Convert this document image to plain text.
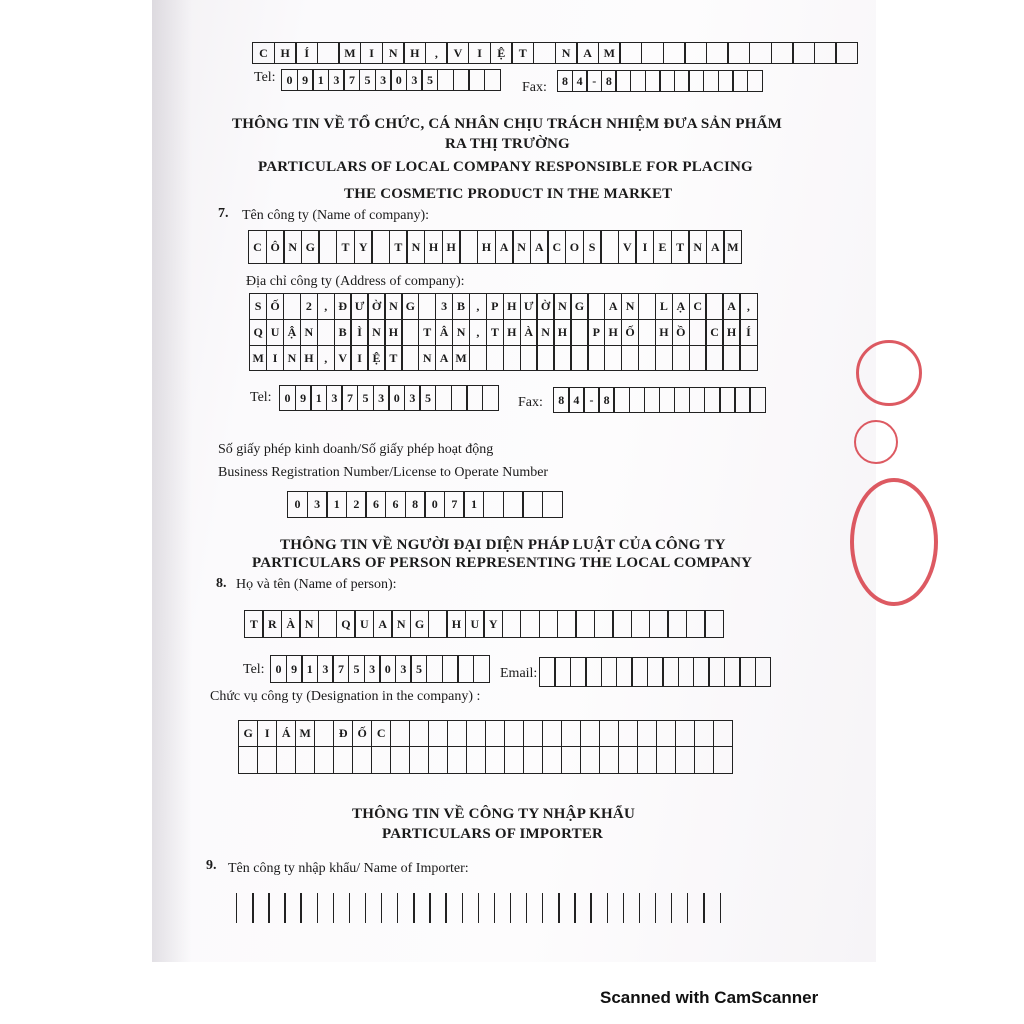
C	H	Í	M	I	N	H	,	V	I	Ệ	T	N	A M
Tel: 0 9 1 3 7 5 3 0 3 5
Fax:	8 4 - 8
THÔNG TIN VỀ TỔ CHỨC, CÁ NHÂN CHỊU TRÁCH NHIỆM ĐƯA SẢN PHẨM
RA THỊ TRƯỜNG
PARTICULARS OF LOCAL COMPANY RESPONSIBLE FOR PLACING
THE COSMETIC PRODUCT IN THE MARKET
7. Tên công ty (Name of company):
C Ô N G	T Y	T N H H	H A N A C O S	V I E T N A M
Địa chỉ công ty (Address of company):
S Ố	2	, Đ Ư Ờ N G	3 B , P H Ư Ờ N G	A N	L Ạ C	A ,
Q U Ậ N	B Ì N H	T Â N , T H À N H	P H Ố	H Ồ	C H Í
M I N H , V I Ệ T	N A M
Tel:	0 9 1 3 7 5 3 0 3 5	Fax:	8 4 - 8
Số giấy phép kinh doanh/Số giấy phép hoạt động
Business Registration Number/License to Operate Number
0	3	1	2	6	6	8	0	7	1
THÔNG TIN VỀ NGƯỜI ĐẠI DIỆN PHÁP LUẬT CỦA CÔNG TY
PARTICULARS OF PERSON REPRESENTING THE LOCAL COMPANY
8. Họ và tên (Name of person):
T R À N	Q U A N G	H U Y
Tel: 0 9 1 3 7 5 3 0 3 5	Email:
Chức vụ công ty (Designation in the company) :
G	I	Á M	Đ Ố C
THÔNG TIN VỀ CÔNG TY NHẬP KHẨU
PARTICULARS OF IMPORTER
9. Tên công ty nhập khẩu/ Name of Importer:
Scanned with CamScanner
